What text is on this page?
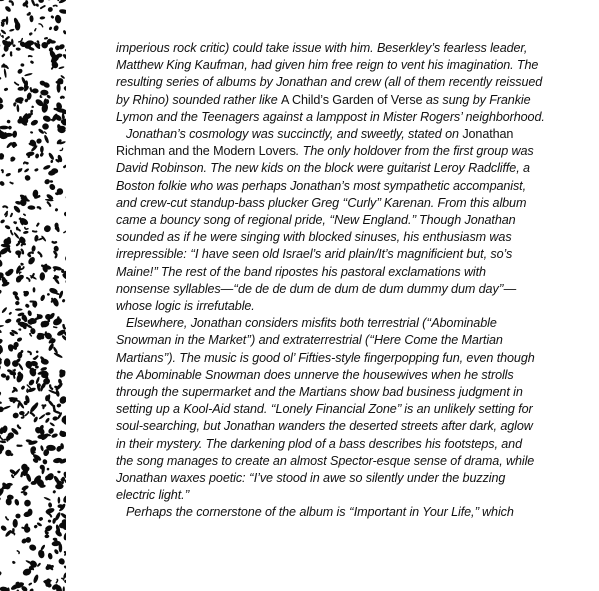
imperious rock critic) could take issue with him. Beserkley’s fearless leader,
Matthew King Kaufman, had given him free reign to vent his imagination. The
resulting series of albums by Jonathan and crew (all of them recently reissued
by Rhino) sounded rather like A Child’s Garden of Verse as sung by Frankie
Lymon and the Teenagers against a lamppost in Mister Rogers’ neighborhood.
Jonathan’s cosmology was succinctly, and sweetly, stated on Jonathan
Richman and the Modern Lovers. The only holdover from the first group was
David Robinson. The new kids on the block were guitarist Leroy Radcliffe, a
Boston folkie who was perhaps Jonathan’s most sympathetic accompanist,
and crew-cut standup-bass plucker Greg ‘‘Curly’’ Karenan. From this album
came a bouncy song of regional pride, ‘‘New England.’’ Though Jonathan
sounded as if he were singing with blocked sinuses, his enthusiasm was
irrepressible: ‘‘I have seen old Israel’s arid plain/It’s magnificient but, so’s
Maine!’’ The rest of the band ripostes his pastoral exclamations with
nonsense syllables—‘‘de de de dum de dum de dum dummy dum day’’—
whose logic is irrefutable.
Elsewhere, Jonathan considers misfits both terrestrial (‘‘Abominable
Snowman in the Market’’) and extraterrestrial (‘‘Here Come the Martian
Martians’’). The music is good ol’ Fifties-style fingerpopping fun, even though
the Abominable Snowman does unnerve the housewives when he strolls
through the supermarket and the Martians show bad business judgment in
setting up a Kool-Aid stand. ‘‘Lonely Financial Zone’’ is an unlikely setting for
soul-searching, but Jonathan wanders the deserted streets after dark, aglow
in their mystery. The darkening plod of a bass describes his footsteps, and
the song manages to create an almost Spector-esque sense of drama, while
Jonathan waxes poetic: ‘‘I’ve stood in awe so silently under the buzzing
electric light.’’
Perhaps the cornerstone of the album is ‘‘Important in Your Life,’’ which
